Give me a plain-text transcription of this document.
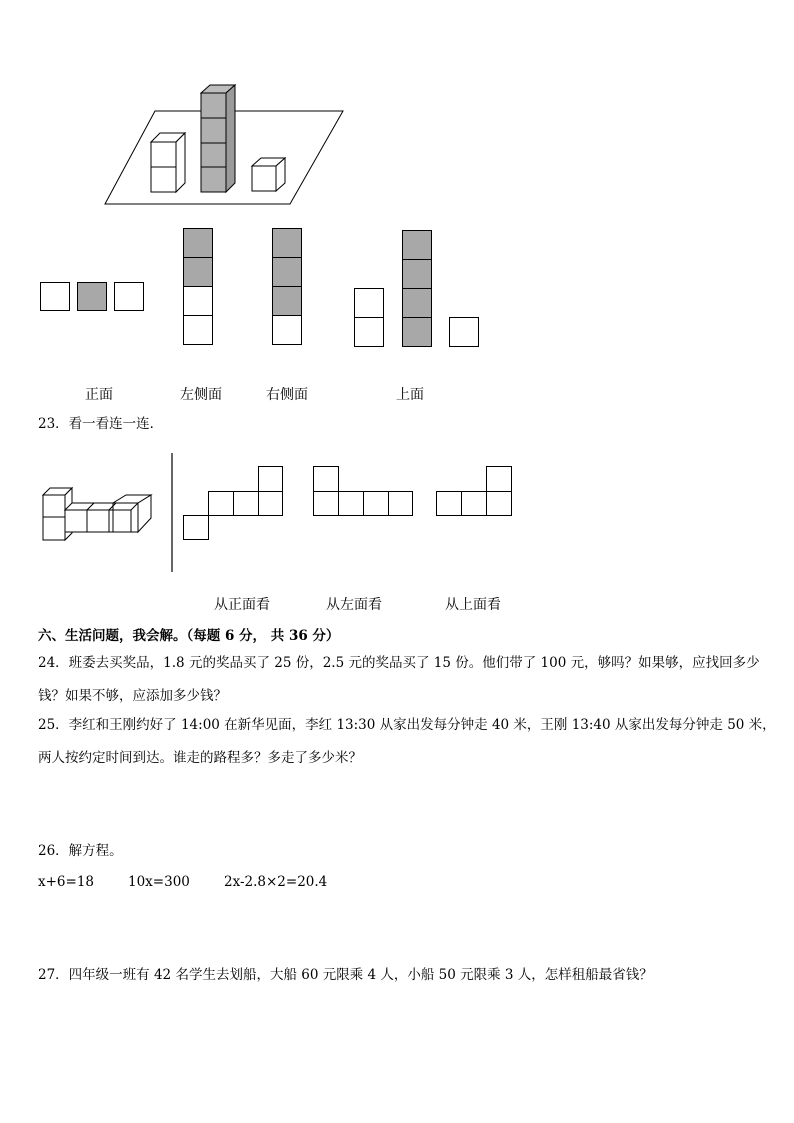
正面	左侧面	右侧面	上面
23．看一看连一连．
从正面看	从左面看	从上面看
六、生活问题，我会解。（每题 6 分， 共 36 分）
24．班委去买奖品，1.8 元的奖品买了 25 份，2.5 元的奖品买了 15 份。他们带了 100 元，够吗？如果够，应找回多少
钱？如果不够，应添加多少钱？
25．李红和王刚约好了 14:00 在新华见面，李红 13:30 从家出发每分钟走 40 米，王刚 13:40 从家出发每分钟走 50 米，
两人按约定时间到达。谁走的路程多？多走了多少米？
26．解方程。
x+6=18	10x=300	2x-2.8×2=20.4
27．四年级一班有 42 名学生去划船，大船 60 元限乘 4 人，小船 50 元限乘 3 人，怎样租船最省钱？
